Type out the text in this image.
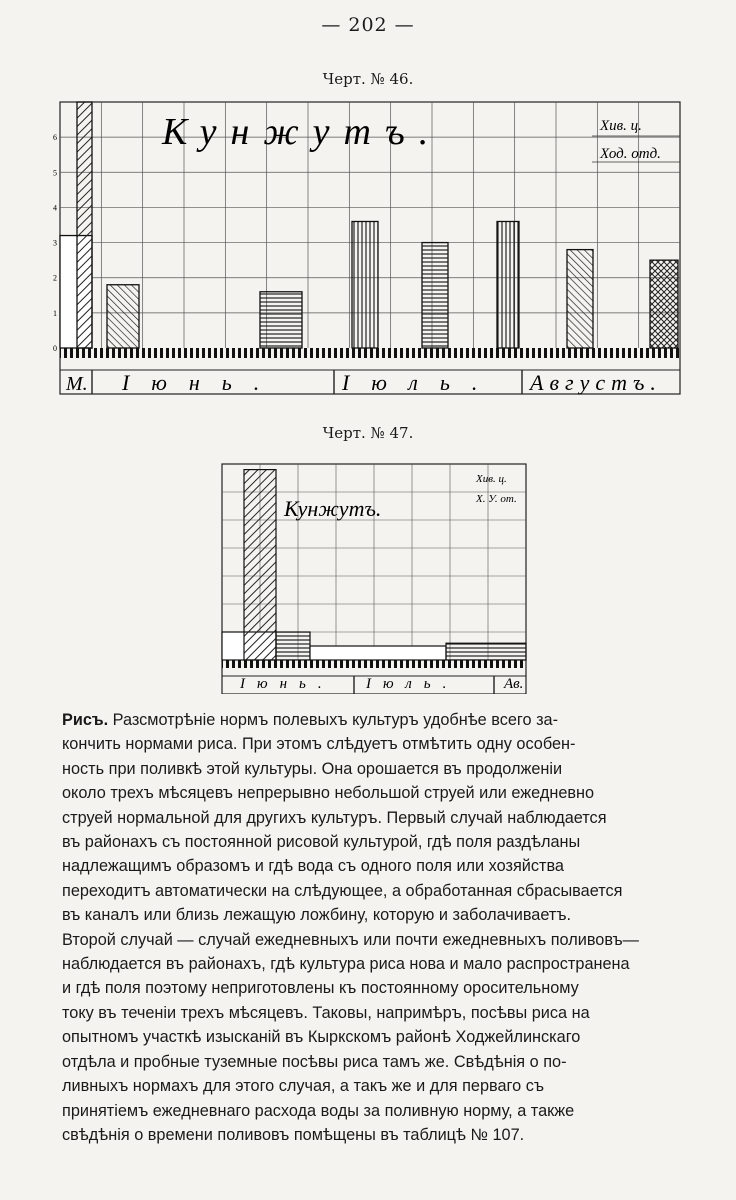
— 202 —
Черт. № 46.
0
1
2
3
4
5
6	Кунжутъ.	Хив. ц.
Ход. отд.
М. Іюнь.	Іюль. Августъ.
Черт. № 47.
Кунжутъ.
Хив. ц.
Х. У. от.
Іюнь. Іюль.	Ав.

Рисъ. Разсмотрѣніе нормъ полевыхъ культуръ удобнѣе всего за-

кончить нормами риса. При этомъ слѣдуетъ отмѣтить одну особен-

ность при поливкѣ этой культуры. Она орошается въ продолженіи

около трехъ мѣсяцевъ непрерывно небольшой струей или ежедневно

струей нормальной для другихъ культуръ. Первый случай наблюдается

въ районахъ съ постоянной рисовой культурой, гдѣ поля раздѣланы

надлежащимъ образомъ и гдѣ вода съ одного поля или хозяйства

переходитъ автоматически на слѣдующее, а обработанная сбрасывается

въ каналъ или близь лежащую ложбину, которую и заболачиваетъ.

Второй случай — случай ежедневныхъ или почти ежедневныхъ поливовъ—

наблюдается въ районахъ, гдѣ культура риса нова и мало распространена

и гдѣ поля поэтому неприготовлены къ постоянному оросительному

току въ теченіи трехъ мѣсяцевъ. Таковы, напримѣръ, посѣвы риса на

опытномъ участкѣ изысканій въ Кыркскомъ районѣ Ходжейлинскаго

отдѣла и пробные туземные посѣвы риса тамъ же. Свѣдѣнія о по-

ливныхъ нормахъ для этого случая, а такъ же и для перваго съ

принятіемъ ежедневнаго расхода воды за поливную норму, а также

свѣдѣнія о времени поливовъ помѣщены въ таблицѣ № 107.
